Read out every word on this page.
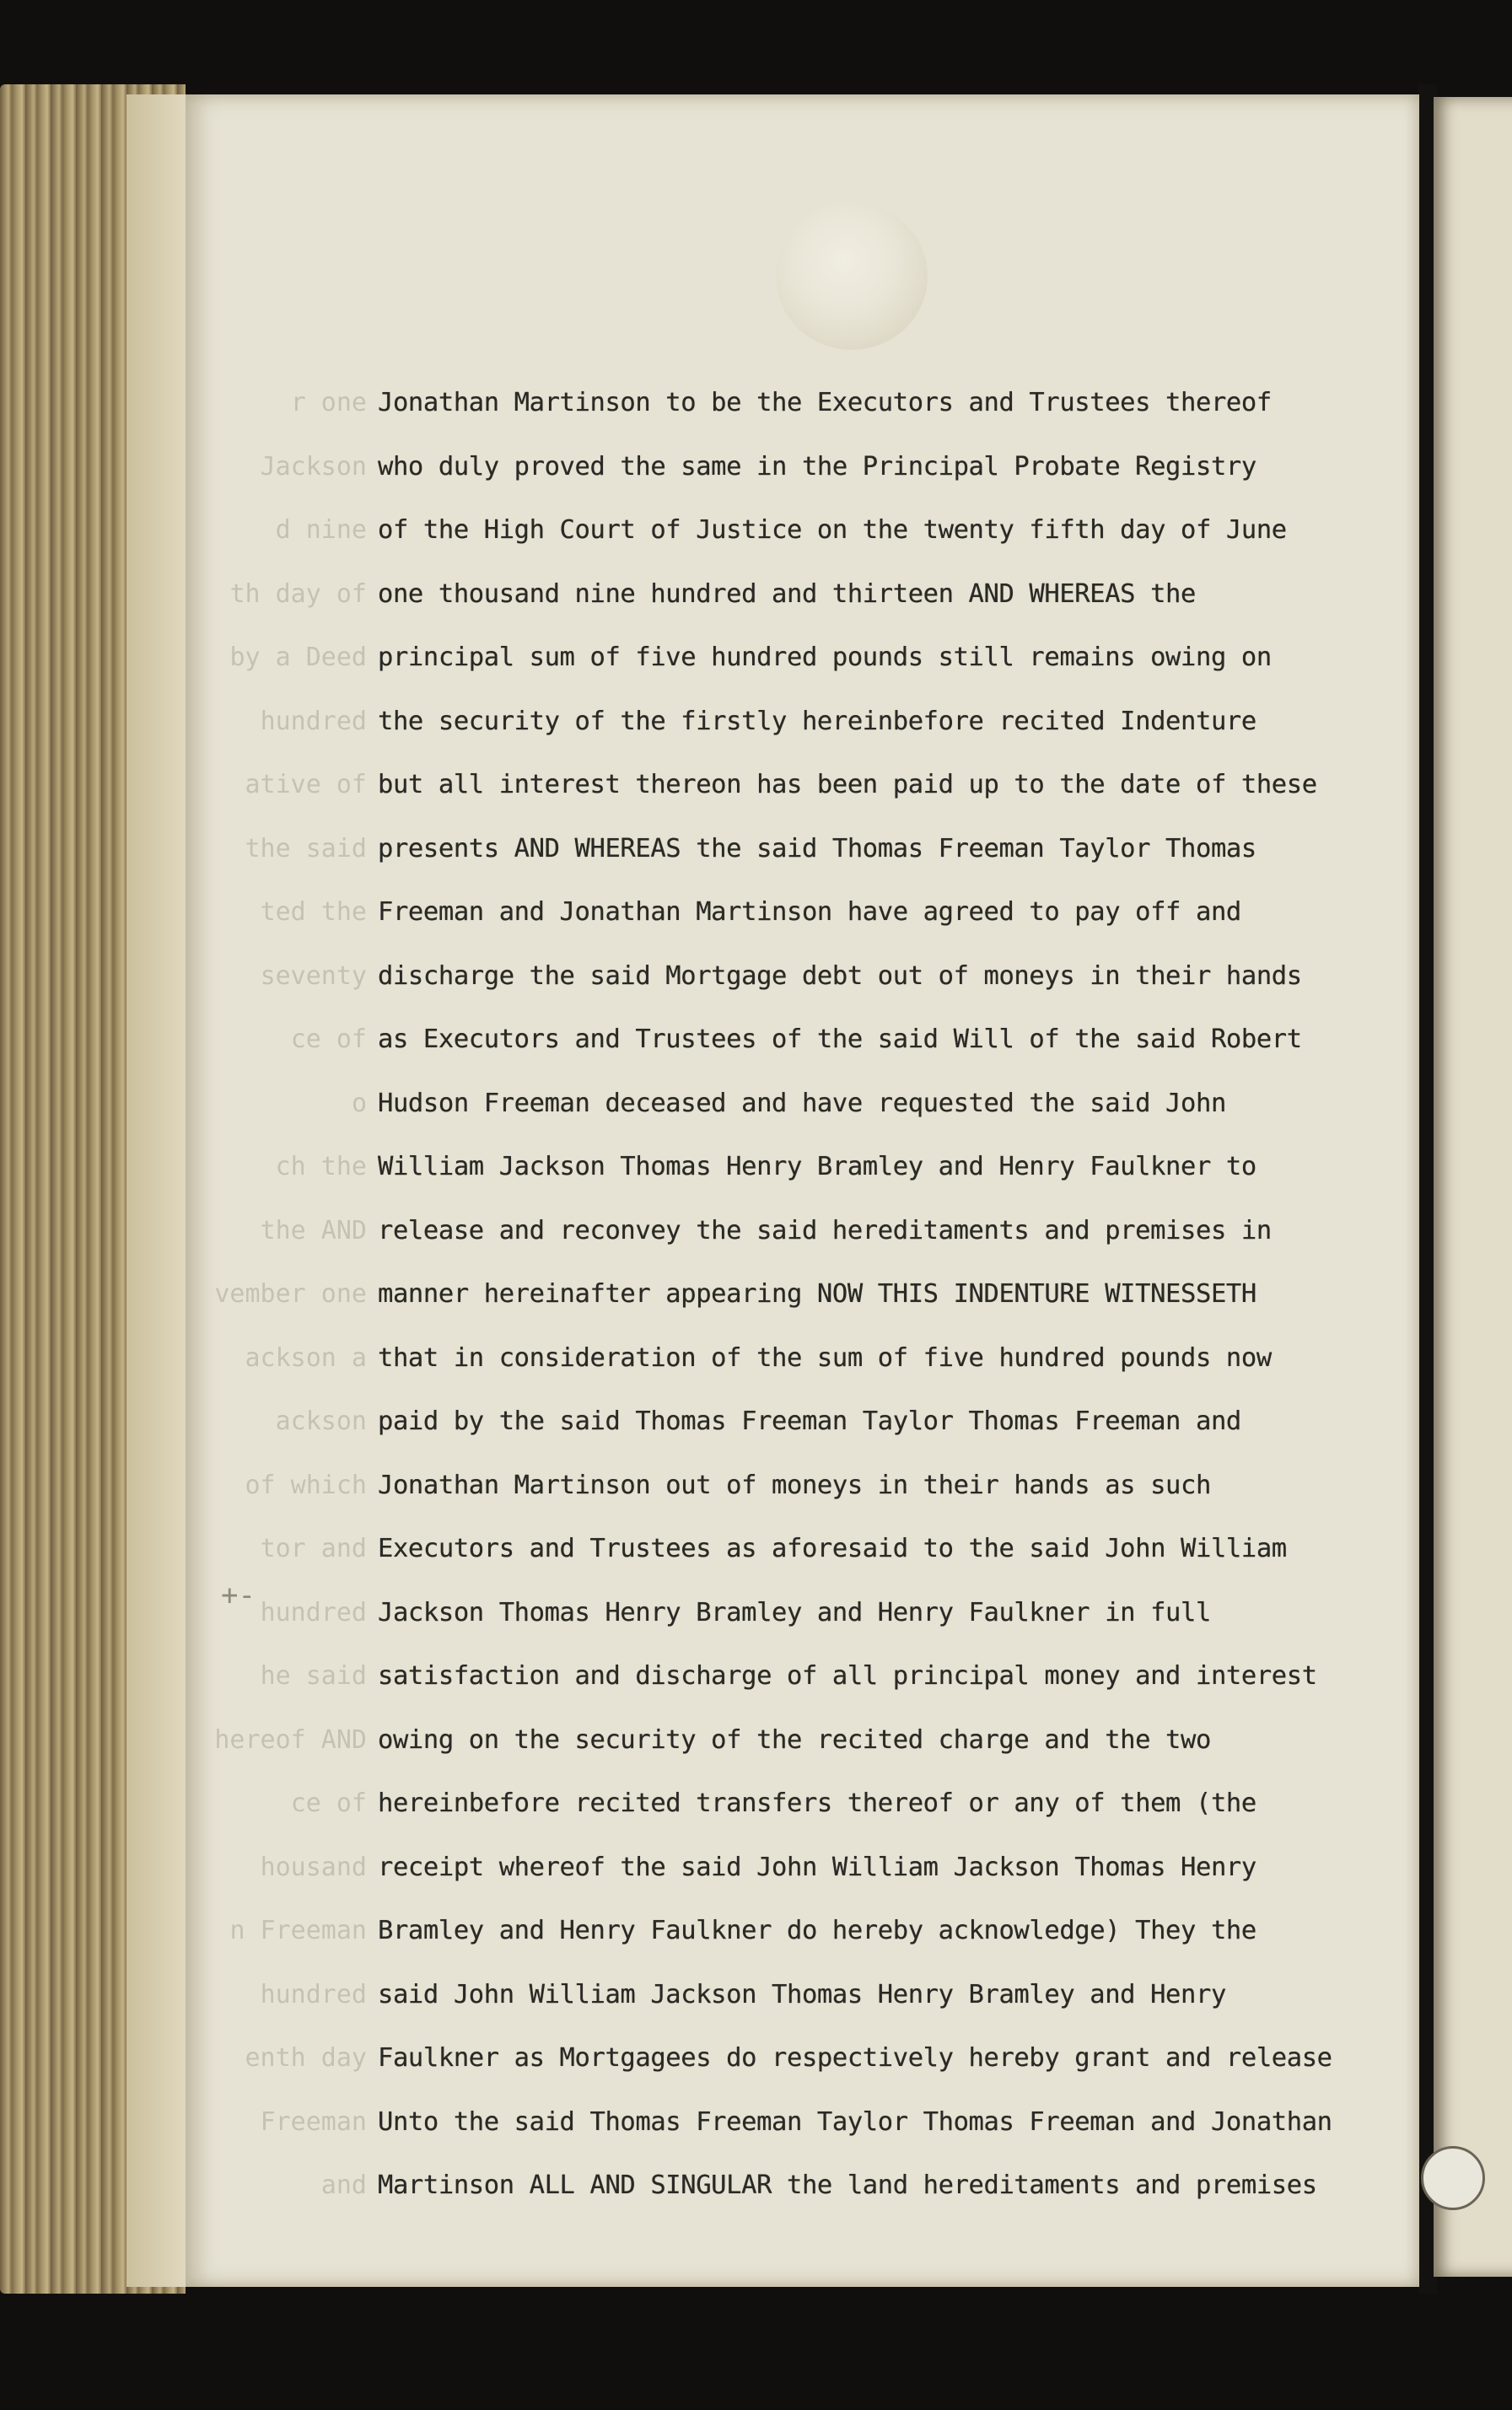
r one
Jackson
d nine
th day of
by a Deed
hundred
ative of
the said
ted the
seventy
ce of
o
ch the
the AND
vember one
ackson a
ackson
of which
tor and
hundred
he said
hereof AND
ce of
housand
n Freeman
hundred
enth day
Freeman
and
Jonathan Martinson to be the Executors and Trustees thereof
who duly proved the same in the Principal Probate Registry
of the High Court of Justice on the twenty fifth day of June
one thousand nine hundred and thirteen AND WHEREAS the
principal sum of five hundred pounds still remains owing on
the security of the firstly hereinbefore recited Indenture
but all interest thereon has been paid up to the date of these
presents AND WHEREAS the said Thomas Freeman Taylor Thomas
Freeman and Jonathan Martinson have agreed to pay off and
discharge the said Mortgage debt out of moneys in their hands
as Executors and Trustees of the said Will of the said Robert
Hudson Freeman deceased and have requested the said John
William Jackson Thomas Henry Bramley and Henry Faulkner to
release and reconvey the said hereditaments and premises in
manner hereinafter appearing NOW THIS INDENTURE WITNESSETH
that in consideration of the sum of five hundred pounds now
paid by the said Thomas Freeman Taylor Thomas Freeman and
Jonathan Martinson out of moneys in their hands as such
Executors and Trustees as aforesaid to the said John William
Jackson Thomas Henry Bramley and Henry Faulkner in full
satisfaction and discharge of all principal money and interest
owing on the security of the recited charge and the two
hereinbefore recited transfers thereof or any of them (the
receipt whereof the said John William Jackson Thomas Henry
Bramley and Henry Faulkner do hereby acknowledge) They the
said John William Jackson Thomas Henry Bramley and Henry
Faulkner as Mortgagees do respectively hereby grant and release
Unto the said Thomas Freeman Taylor Thomas Freeman and Jonathan
Martinson ALL AND SINGULAR the land hereditaments and premises
+-
